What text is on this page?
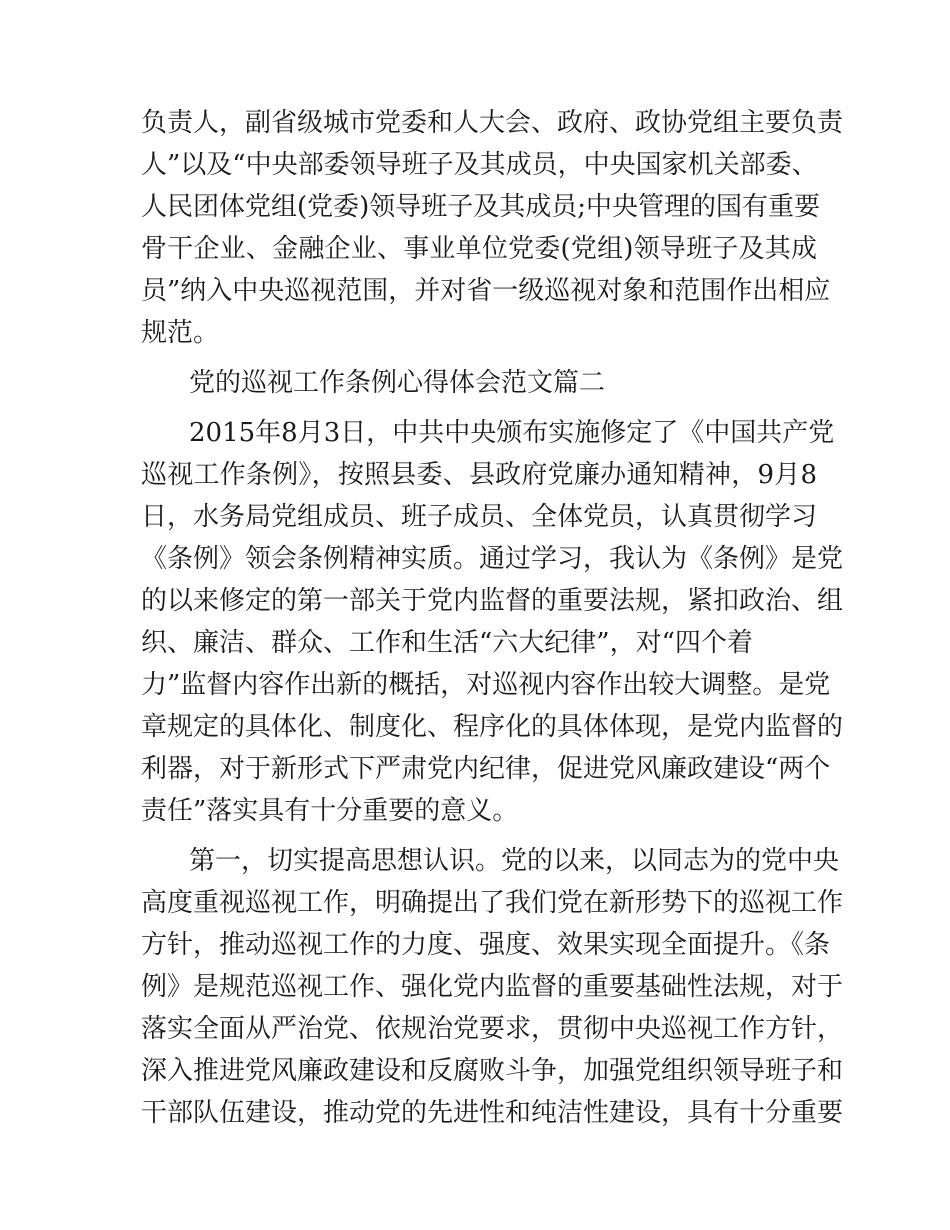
负责人，副省级城市党委和人大会、政府、政协党组主要负责
人”以及“中央部委领导班子及其成员，中央国家机关部委、
人民团体党组(党委)领导班子及其成员;中央管理的国有重要
骨干企业、金融企业、事业单位党委(党组)领导班子及其成
员”纳入中央巡视范围，并对省一级巡视对象和范围作出相应
规范。
党的巡视工作条例心得体会范文篇二
2015年8月3日，中共中央颁布实施修定了《中国共产党
巡视工作条例》，按照县委、县政府党廉办通知精神，9月8
日，水务局党组成员、班子成员、全体党员，认真贯彻学习
《条例》领会条例精神实质。通过学习，我认为《条例》是党
的以来修定的第一部关于党内监督的重要法规，紧扣政治、组
织、廉洁、群众、工作和生活“六大纪律”，对“四个着
力”监督内容作出新的概括，对巡视内容作出较大调整。是党
章规定的具体化、制度化、程序化的具体体现，是党内监督的
利器，对于新形式下严肃党内纪律，促进党风廉政建设“两个
责任”落实具有十分重要的意义。
第一，切实提高思想认识。党的以来，以同志为的党中央
高度重视巡视工作，明确提出了我们党在新形势下的巡视工作
方针，推动巡视工作的力度、强度、效果实现全面提升。《条
例》是规范巡视工作、强化党内监督的重要基础性法规，对于
落实全面从严治党、依规治党要求，贯彻中央巡视工作方针，
深入推进党风廉政建设和反腐败斗争，加强党组织领导班子和
干部队伍建设，推动党的先进性和纯洁性建设，具有十分重要
